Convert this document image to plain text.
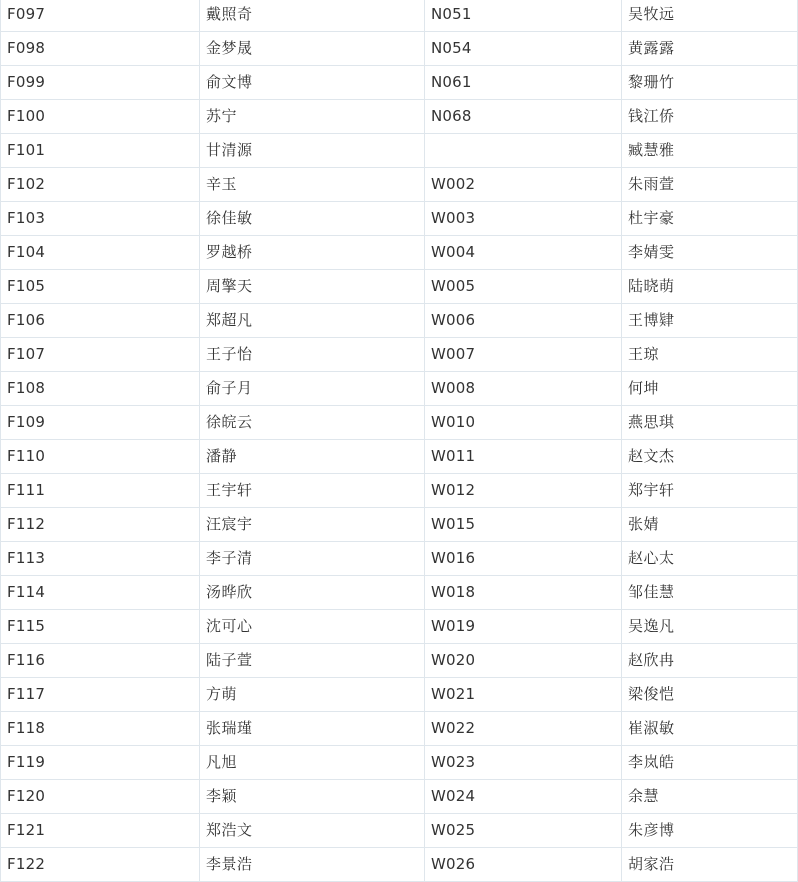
F097	戴照奇	N051	吴牧远
F098	金梦晟	N054	黄露露
F099	俞文博	N061	黎珊竹
F100	苏宁	N068	钱江侨
F101	甘清源		臧慧雅
F102	辛玉	W002	朱雨萱
F103	徐佳敏	W003	杜宇豪
F104	罗越桥	W004	李婧雯
F105	周擎天	W005	陆晓萌
F106	郑超凡	W006	王博肄
F107	王子怡	W007	王琼
F108	俞子月	W008	何坤
F109	徐皖云	W010	燕思琪
F110	潘静	W011	赵文杰
F111	王宇轩	W012	郑宇轩
F112	汪宸宇	W015	张婧
F113	李子清	W016	赵心太
F114	汤晔欣	W018	邹佳慧
F115	沈可心	W019	吴逸凡
F116	陆子萱	W020	赵欣冉
F117	方萌	W021	梁俊恺
F118	张瑞瑾	W022	崔淑敏
F119	凡旭	W023	李岚皓
F120	李颖	W024	余慧
F121	郑浩文	W025	朱彦博
F122	李景浩	W026	胡家浩
